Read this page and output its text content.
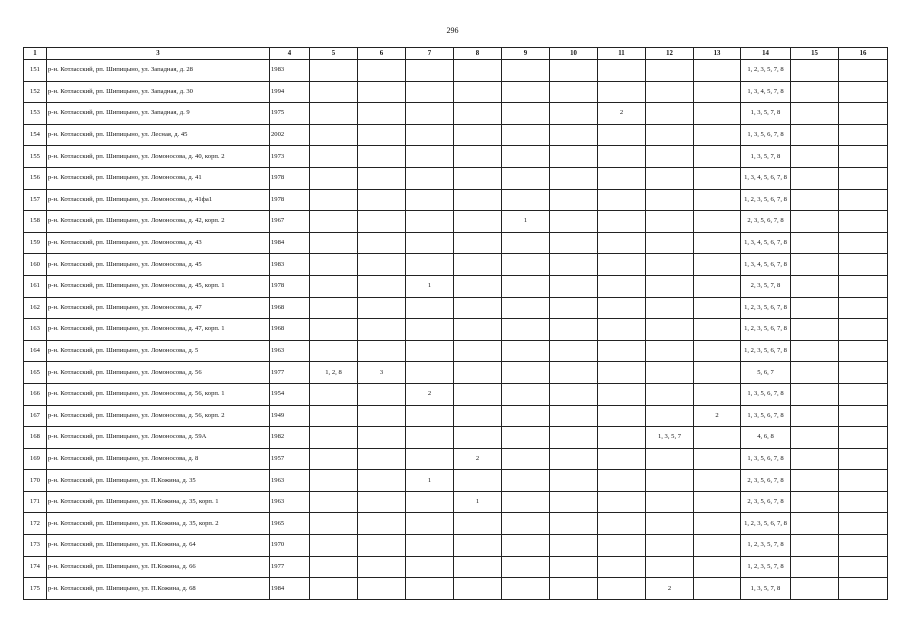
296
1	3	4	5	6	7	8	9	10	11	12	13	14	15	16
151	р-н. Котласский, рп. Шипицыно, ул. Западная, д. 28	1983										1, 2, 3, 5, 7, 8		
152	р-н. Котласский, рп. Шипицыно, ул. Западная, д. 30	1994										1, 3, 4, 5, 7, 8		
153	р-н. Котласский, рп. Шипицыно, ул. Западная, д. 9	1975							2			1, 3, 5, 7, 8		
154	р-н. Котласский, рп. Шипицыно, ул. Лесная, д. 45	2002										1, 3, 5, 6, 7, 8		
155	р-н. Котласский, рп. Шипицыно, ул. Ломоносова, д. 40, корп. 2	1973										1, 3, 5, 7, 8		
156	р-н. Котласский, рп. Шипицыно, ул. Ломоносова, д. 41	1978										1, 3, 4, 5, 6, 7, 8		
157	р-н. Котласский, рп. Шипицыно, ул. Ломоносова, д. 41фа1	1978										1, 2, 3, 5, 6, 7, 8		
158	р-н. Котласский, рп. Шипицыно, ул. Ломоносова, д. 42, корп. 2	1967					1					2, 3, 5, 6, 7, 8		
159	р-н. Котласский, рп. Шипицыно, ул. Ломоносова, д. 43	1984										1, 3, 4, 5, 6, 7, 8		
160	р-н. Котласский, рп. Шипицыно, ул. Ломоносова, д. 45	1983										1, 3, 4, 5, 6, 7, 8		
161	р-н. Котласский, рп. Шипицыно, ул. Ломоносова, д. 45, корп. 1	1978			1							2, 3, 5, 7, 8		
162	р-н. Котласский, рп. Шипицыно, ул. Ломоносова, д. 47	1968										1, 2, 3, 5, 6, 7, 8		
163	р-н. Котласский, рп. Шипицыно, ул. Ломоносова, д. 47, корп. 1	1968										1, 2, 3, 5, 6, 7, 8		
164	р-н. Котласский, рп. Шипицыно, ул. Ломоносова, д. 5	1963										1, 2, 3, 5, 6, 7, 8		
165	р-н. Котласский, рп. Шипицыно, ул. Ломоносова, д. 56	1977	1, 2, 8	3								5, 6, 7		
166	р-н. Котласский, рп. Шипицыно, ул. Ломоносова, д. 56, корп. 1	1954			2							1, 3, 5, 6, 7, 8		
167	р-н. Котласский, рп. Шипицыно, ул. Ломоносова, д. 56, корп. 2	1949									2	1, 3, 5, 6, 7, 8		
168	р-н. Котласский, рп. Шипицыно, ул. Ломоносова, д. 59А	1982								1, 3, 5, 7		4, 6, 8		
169	р-н. Котласский, рп. Шипицыно, ул. Ломоносова, д. 8	1957				2						1, 3, 5, 6, 7, 8		
170	р-н. Котласский, рп. Шипицыно, ул. П.Кожина, д. 35	1963			1							2, 3, 5, 6, 7, 8		
171	р-н. Котласский, рп. Шипицыно, ул. П.Кожина, д. 35, корп. 1	1963				1						2, 3, 5, 6, 7, 8		
172	р-н. Котласский, рп. Шипицыно, ул. П.Кожина, д. 35, корп. 2	1965										1, 2, 3, 5, 6, 7, 8		
173	р-н. Котласский, рп. Шипицыно, ул. П.Кожина, д. 64	1970										1, 2, 3, 5, 7, 8		
174	р-н. Котласский, рп. Шипицыно, ул. П.Кожина, д. 66	1977										1, 2, 3, 5, 7, 8		
175	р-н. Котласский, рп. Шипицыно, ул. П.Кожина, д. 68	1984								2		1, 3, 5, 7, 8		
